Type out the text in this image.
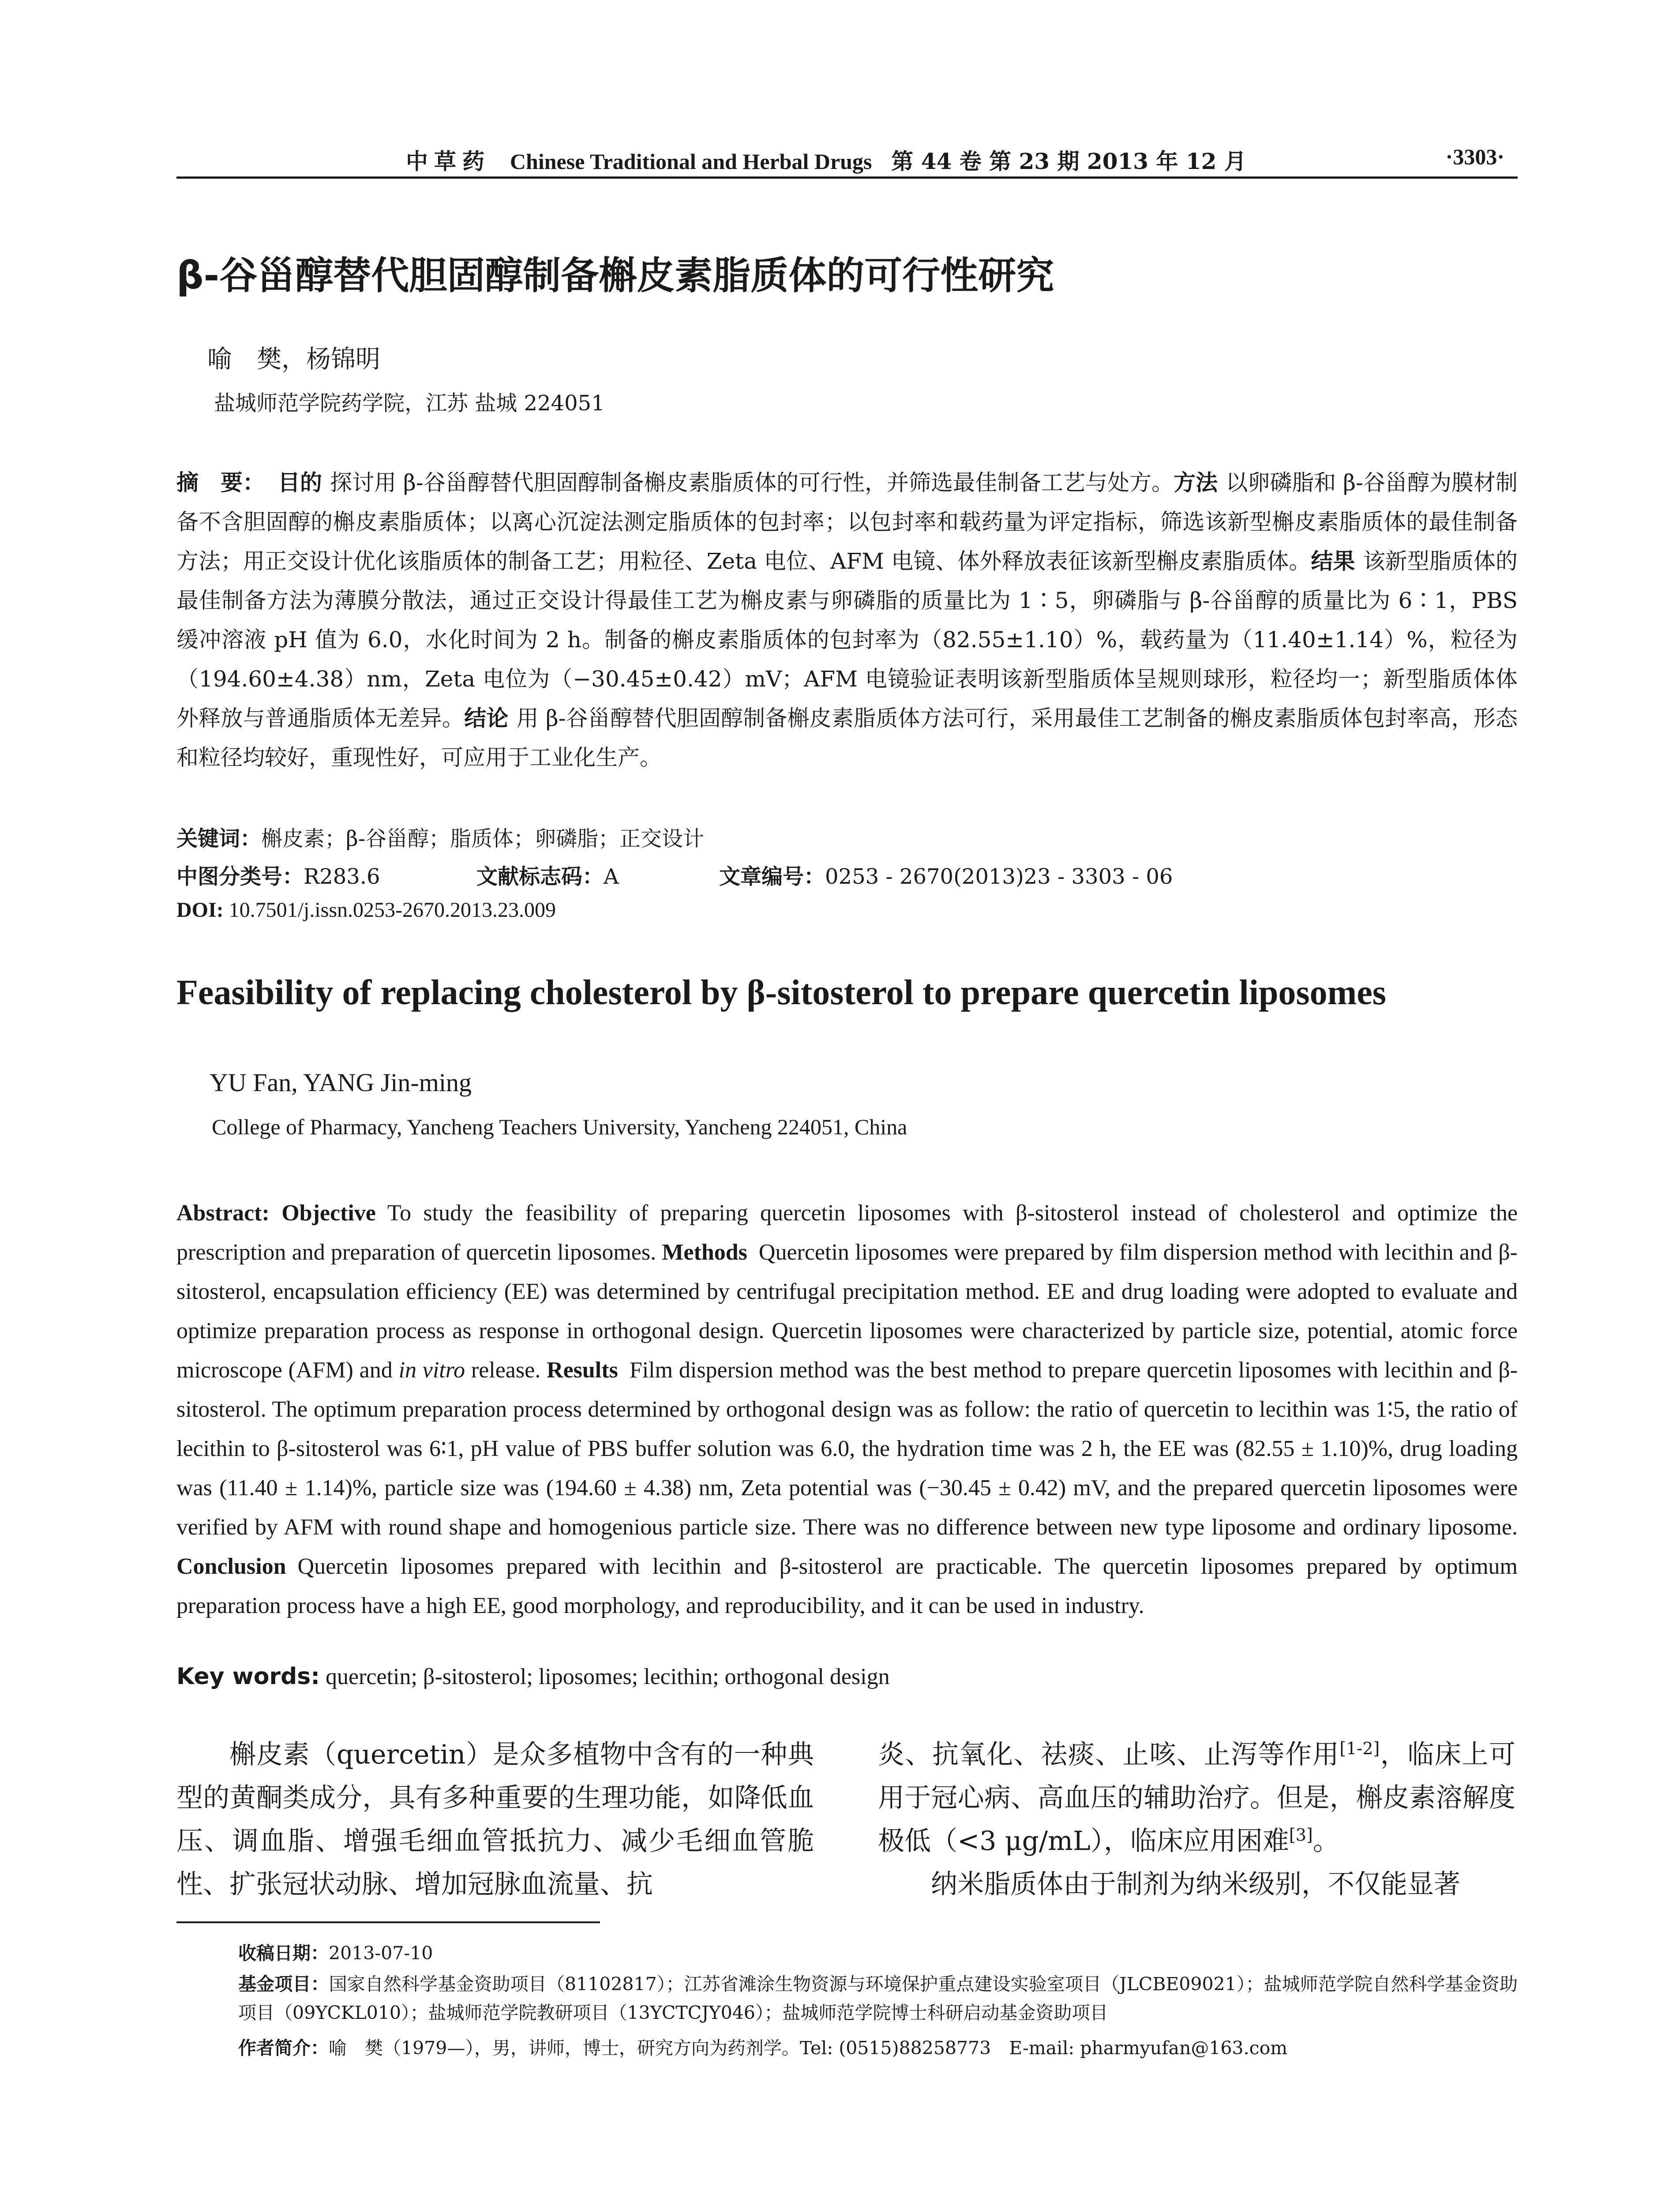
中草药 Chinese Traditional and Herbal Drugs 第 44 卷 第 23 期 2013 年 12 月	·3303·
β-谷甾醇替代胆固醇制备槲皮素脂质体的可行性研究
喻　樊，杨锦明
盐城师范学院药学院，江苏 盐城 224051
摘　要： 目的 探讨用 β-谷甾醇替代胆固醇制备槲皮素脂质体的可行性，并筛选最佳制备工艺与处方。方法 以卵磷脂和 β-谷甾醇为膜材制备不含胆固醇的槲皮素脂质体；以离心沉淀法测定脂质体的包封率；以包封率和载药量为评定指标，筛选该新型槲皮素脂质体的最佳制备方法；用正交设计优化该脂质体的制备工艺；用粒径、Zeta 电位、AFM 电镜、体外释放表征该新型槲皮素脂质体。结果 该新型脂质体的最佳制备方法为薄膜分散法，通过正交设计得最佳工艺为槲皮素与卵磷脂的质量比为 1∶5，卵磷脂与 β-谷甾醇的质量比为 6∶1，PBS 缓冲溶液 pH 值为 6.0，水化时间为 2 h。制备的槲皮素脂质体的包封率为（82.55±1.10）%，载药量为（11.40±1.14）%，粒径为（194.60±4.38）nm，Zeta 电位为（−30.45±0.42）mV；AFM 电镜验证表明该新型脂质体呈规则球形，粒径均一；新型脂质体体外释放与普通脂质体无差异。结论 用 β-谷甾醇替代胆固醇制备槲皮素脂质体方法可行，采用最佳工艺制备的槲皮素脂质体包封率高，形态和粒径均较好，重现性好，可应用于工业化生产。
关键词：槲皮素；β-谷甾醇；脂质体；卵磷脂；正交设计
中图分类号：R283.6	文献标志码：A	文章编号：0253 - 2670(2013)23 - 3303 - 06
DOI: 10.7501/j.issn.0253-2670.2013.23.009
Feasibility of replacing cholesterol by β-sitosterol to prepare quercetin liposomes
YU Fan, YANG Jin-ming
College of Pharmacy, Yancheng Teachers University, Yancheng 224051, China
Abstract: Objective To study the feasibility of preparing quercetin liposomes with β-sitosterol instead of cholesterol and optimize the prescription and preparation of quercetin liposomes. Methods Quercetin liposomes were prepared by film dispersion method with lecithin and β-sitosterol, encapsulation efficiency (EE) was determined by centrifugal precipitation method. EE and drug loading were adopted to evaluate and optimize preparation process as response in orthogonal design. Quercetin liposomes were characterized by particle size, potential, atomic force microscope (AFM) and in vitro release. Results Film dispersion method was the best method to prepare quercetin liposomes with lecithin and β-sitosterol. The optimum preparation process determined by orthogonal design was as follow: the ratio of quercetin to lecithin was 1∶5, the ratio of lecithin to β-sitosterol was 6∶1, pH value of PBS buffer solution was 6.0, the hydration time was 2 h, the EE was (82.55 ± 1.10)%, drug loading was (11.40 ± 1.14)%, particle size was (194.60 ± 4.38) nm, Zeta potential was (−30.45 ± 0.42) mV, and the prepared quercetin liposomes were verified by AFM with round shape and homogenious particle size. There was no difference between new type liposome and ordinary liposome. Conclusion Quercetin liposomes prepared with lecithin and β-sitosterol are practicable. The quercetin liposomes prepared by optimum preparation process have a high EE, good morphology, and reproducibility, and it can be used in industry.
Key words: quercetin; β-sitosterol; liposomes; lecithin; orthogonal design
槲皮素（quercetin）是众多植物中含有的一种典型的黄酮类成分，具有多种重要的生理功能，如降低血压、调血脂、增强毛细血管抵抗力、减少毛细血管脆性、扩张冠状动脉、增加冠脉血流量、抗
炎、抗氧化、祛痰、止咳、止泻等作用[1-2]，临床上可用于冠心病、高血压的辅助治疗。但是，槲皮素溶解度极低（<3 μg/mL），临床应用困难[3]。
纳米脂质体由于制剂为纳米级别，不仅能显著
收稿日期：2013-07-10
基金项目：国家自然科学基金资助项目（81102817）；江苏省滩涂生物资源与环境保护重点建设实验室项目（JLCBE09021）；盐城师范学院自然科学基金资助项目（09YCKL010）；盐城师范学院教研项目（13YCTCJY046）；盐城师范学院博士科研启动基金资助项目
作者简介：喻　樊（1979—），男，讲师，博士，研究方向为药剂学。Tel: (0515)88258773　E-mail: pharmyufan@163.com
